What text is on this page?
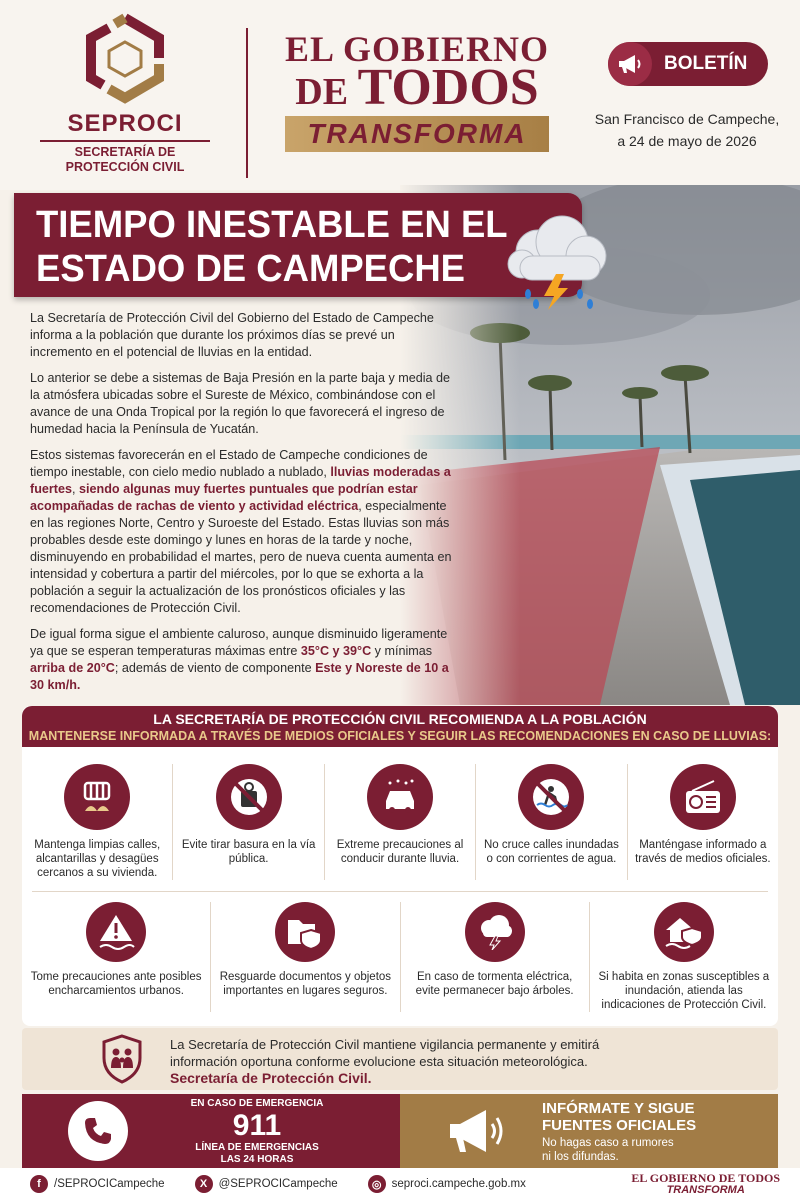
SEPROCI
SECRETARÍA DE
PROTECCIÓN CIVIL
EL GOBIERNO
DE TODOS
TRANSFORMA
BOLETÍN
San Francisco de Campeche,
a 24 de mayo de 2026
TIEMPO INESTABLE EN EL
ESTADO DE CAMPECHE

La Secretaría de Protección Civil del Gobierno del Estado de Campeche informa a la población que durante los próximos días se prevé un incremento en el potencial de lluvias en la entidad.

Lo anterior se debe a sistemas de Baja Presión en la parte baja y media de la atmósfera ubicadas sobre el Sureste de México, combinándose con el avance de una Onda Tropical por la región lo que favorecerá el ingreso de humedad hacia la Península de Yucatán.

Estos sistemas favorecerán en el Estado de Campeche condiciones de tiempo inestable, con cielo medio nublado a nublado, lluvias moderadas a fuertes, siendo algunas muy fuertes puntuales que podrían estar acompañadas de rachas de viento y actividad eléctrica, especialmente en las regiones Norte, Centro y Suroeste del Estado. Estas lluvias son más probables desde este domingo y lunes en horas de la tarde y noche, disminuyendo en probabilidad el martes, pero de nueva cuenta aumenta en intensidad y cobertura a partir del miércoles, por lo que se exhorta a la población a seguir la actualización de los pronósticos oficiales y las recomendaciones de Protección Civil.

De igual forma sigue el ambiente caluroso, aunque disminuido ligeramente ya que se esperan temperaturas máximas entre 35°C y 39°C y mínimas arriba de 20°C; además de viento de componente Este y Noreste de 10 a 30 km/h.

LA SECRETARÍA DE PROTECCIÓN CIVIL RECOMIENDA A LA POBLACIÓN
MANTENERSE INFORMADA A TRAVÉS DE MEDIOS OFICIALES Y SEGUIR LAS RECOMENDACIONES EN CASO DE LLUVIAS:
Mantenga limpias calles, alcantarillas y desagües cercanos a su vivienda.
Evite tirar basura en la vía pública.
Extreme precauciones al conducir durante lluvia.
No cruce calles inundadas o con corrientes de agua.
Manténgase informado a través de medios oficiales.
Tome precauciones ante posibles encharcamientos urbanos.
Resguarde documentos y objetos importantes en lugares seguros.
En caso de tormenta eléctrica, evite permanecer bajo árboles.
Si habita en zonas susceptibles a inundación, atienda las indicaciones de Protección Civil.
La Secretaría de Protección Civil mantiene vigilancia permanente y emitirá
información oportuna conforme evolucione esta situación meteorológica.
Secretaría de Protección Civil.
EN CASO DE EMERGENCIA
911
LÍNEA DE EMERGENCIAS
LAS 24 HORAS
INFÓRMATE Y SIGUE
FUENTES OFICIALES
No hagas caso a rumores
ni los difundas.
f	/SEPROCICampeche	X @SEPROCICampeche	◎ seproci.campeche.gob.mx	EL GOBIERNO DE TODOS
TRANSFORMA
